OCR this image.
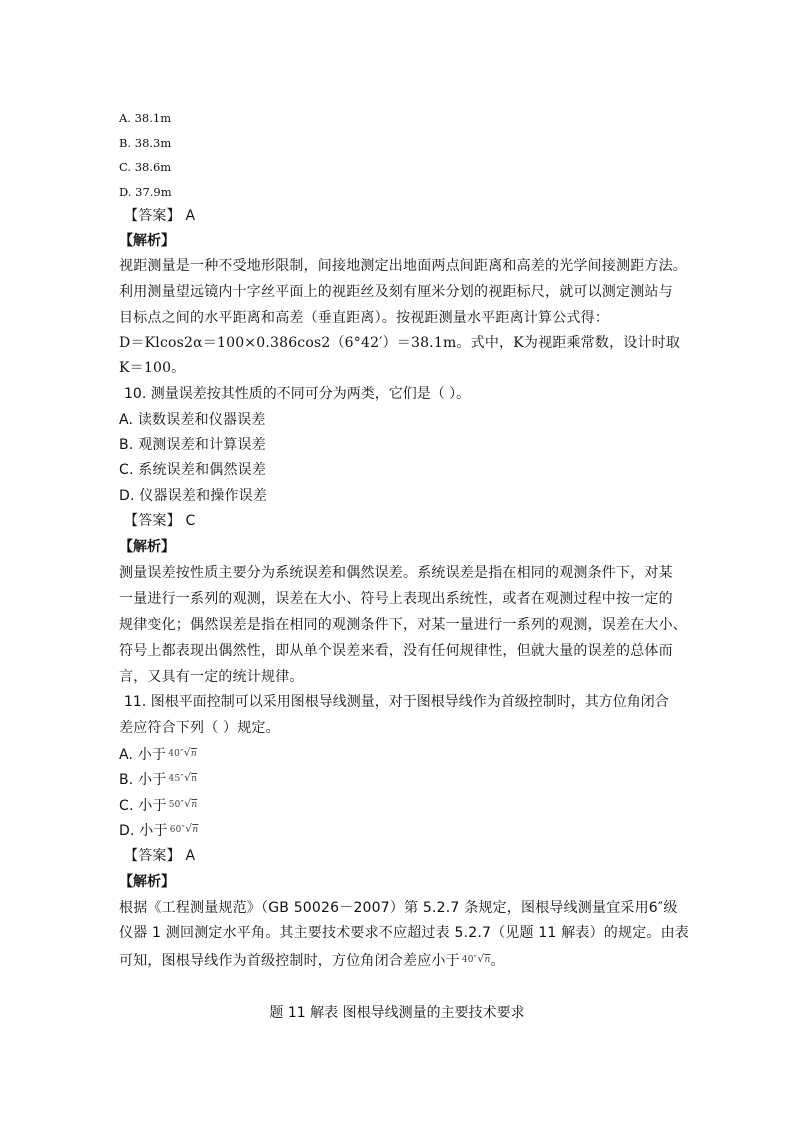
A. 38.1m
B. 38.3m
C. 38.6m
D. 37.9m
【答案】 A
【解析】
视距测量是一种不受地形限制，间接地测定出地面两点间距离和高差的光学间接测距方法。
利用测量望远镜内十字丝平面上的视距丝及刻有厘米分划的视距标尺，就可以测定测站与
目标点之间的水平距离和高差（垂直距离）。按视距测量水平距离计算公式得：
D＝Klcos2α＝100×0.386cos2（6°42′）＝38.1m。式中，K为视距乘常数，设计时取
K＝100。
10. 测量误差按其性质的不同可分为两类，它们是（ ）。
A. 读数误差和仪器误差
B. 观测误差和计算误差
C. 系统误差和偶然误差
D. 仪器误差和操作误差
【答案】 C
【解析】
测量误差按性质主要分为系统误差和偶然误差。系统误差是指在相同的观测条件下，对某
一量进行一系列的观测，误差在大小、符号上表现出系统性，或者在观测过程中按一定的
规律变化；偶然误差是指在相同的观测条件下，对某一量进行一系列的观测，误差在大小、
符号上都表现出偶然性，即从单个误差来看，没有任何规律性，但就大量的误差的总体而
言，又具有一定的统计规律。
11. 图根平面控制可以采用图根导线测量，对于图根导线作为首级控制时，其方位角闭合
差应符合下列（ ）规定。
A. 小于 40″√n
B. 小于 45″√n
C. 小于 50″√n
D. 小于 60″√n
【答案】 A
【解析】
根据《工程测量规范》（GB 50026－2007）第 5.2.7 条规定，图根导线测量宜采用6″级
仪器 1 测回测定水平角。其主要技术要求不应超过表 5.2.7（见题 11 解表）的规定。由表
可知，图根导线作为首级控制时，方位角闭合差应小于 40″√n。
题 11 解表 图根导线测量的主要技术要求
